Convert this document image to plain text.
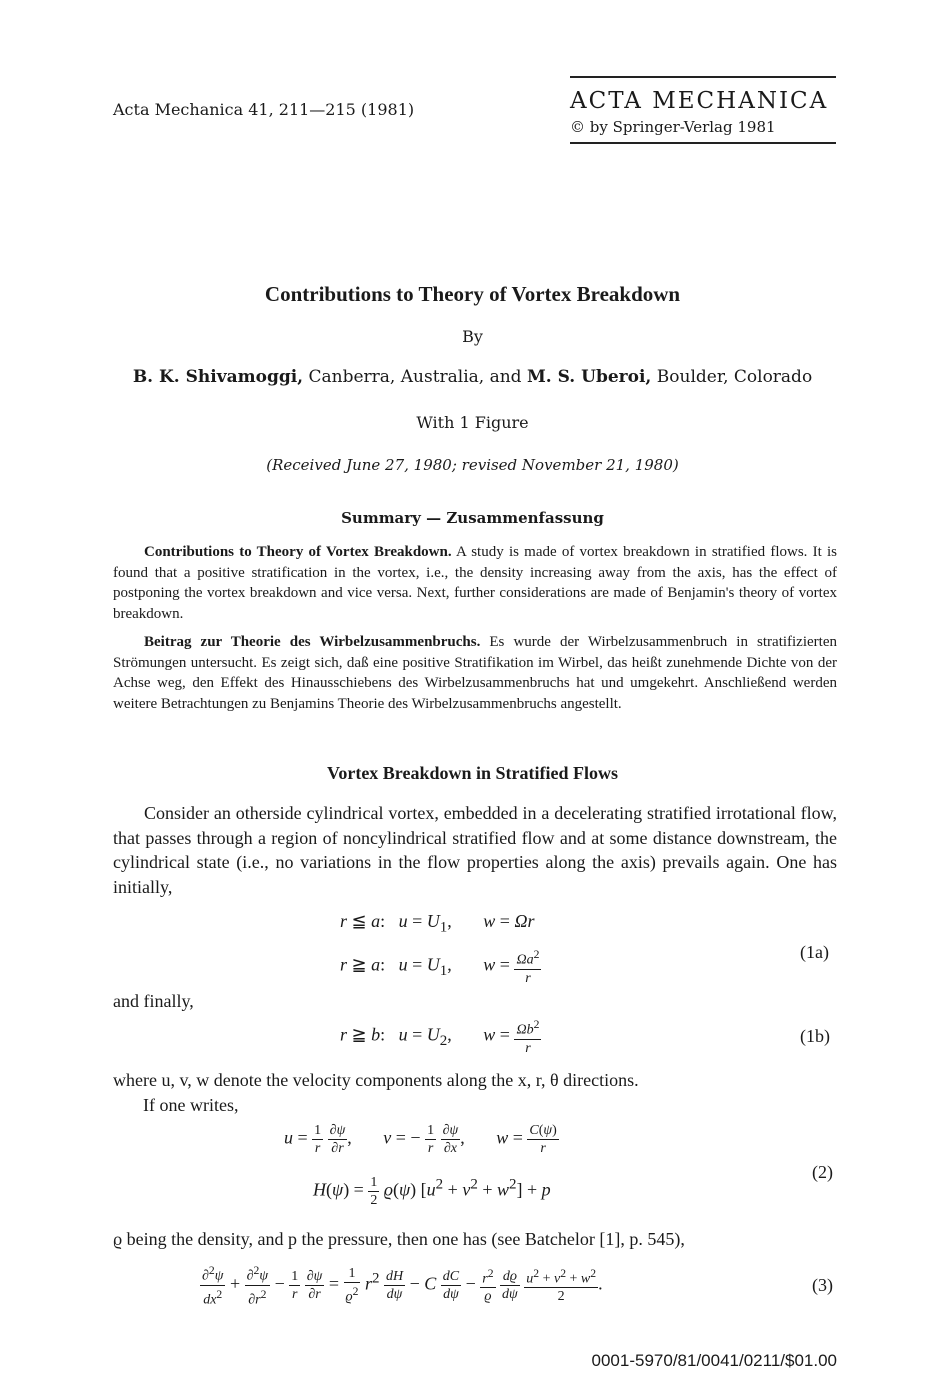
Acta Mechanica 41, 211—215 (1981)	ACTA MECHANICA
© by Springer-Verlag 1981
Contributions to Theory of Vortex Breakdown
By
B. K. Shivamoggi, Canberra, Australia, and M. S. Uberoi, Boulder, Colorado
With 1 Figure
(Received June 27, 1980; revised November 21, 1980)
Summary — Zusammenfassung

Contributions to Theory of Vortex Breakdown. A study is made of vortex breakdown in stratified flows. It is found that a positive stratification in the vortex, i.e., the density increasing away from the axis, has the effect of postponing the vortex breakdown and vice versa. Next, further considerations are made of Benjamin's theory of vortex breakdown.

Beitrag zur Theorie des Wirbelzusammenbruchs. Es wurde der Wirbelzusammenbruch in stratifizierten Strömungen untersucht. Es zeigt sich, daß eine positive Stratifikation im Wirbel, das heißt zunehmende Dichte von der Achse weg, den Effekt des Hinausschiebens des Wirbelzusammenbruchs hat und umgekehrt. Anschließend werden weitere Betrachtungen zu Benjamins Theorie des Wirbelzusammenbruchs angestellt.

Vortex Breakdown in Stratified Flows

Consider an otherside cylindrical vortex, embedded in a decelerating stratified irrotational flow, that passes through a region of noncylindrical stratified flow and at some distance downstream, the cylindrical state (i.e., no variations in the flow properties along the axis) prevails again. One has initially,

r ≦ a:   $u = U_1$,       w = Ωr
r ≧ a:   $u = U_1$,       $w = \frac{\Omega a^2}{r}$	(1a)
and finally,
r ≧ b:   $u = U_2$,       $w = \frac{\Omega b^2}{r}$	(1b)
where u, v, w denote the velocity components along the x, r, θ directions.
If one writes,
$u = \frac{1}{r}$
$\frac{\partial\psi}{\partial r}$ ,       v = − $\frac{1}{r}$
$\frac{\partial\psi}{\partial x}$ ,       $w = \frac{C(\psi)}{r}$
$H(\psi) = \frac{1}{2} ϱ(\psi) [u^2 + v^2 + w^2] + p$
(2)
ϱ being the density, and p the pressure, then one has (see Batchelor [1], p. 545),
$\frac{\partial^2\psi}{dx^2} + \frac{\partial^2\psi}{\partial r^2} - \frac{1}{r}$
$\frac{\partial\psi}{\partial r} = \frac{1}{ϱ^2} r^2 \frac{dH}{d\psi} - C \frac{dC}{d\psi} - \frac{r^2}{ϱ}$
$\frac{dϱ}{d\psi}$
$\frac{u^2 + v^2 + w^2}{2}$ .	(3)
0001-5970/81/0041/0211/$01.00
